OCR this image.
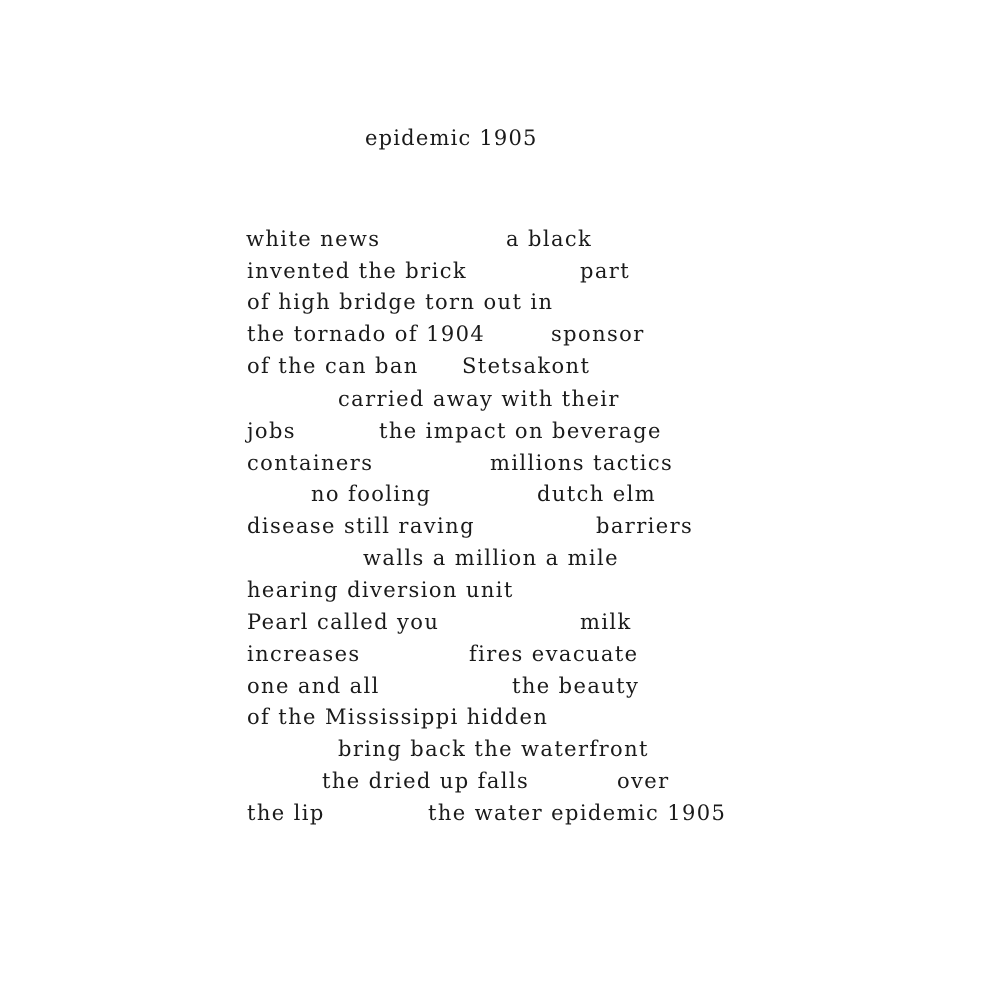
epidemic 1905
white news	a black
invented the brick	part
of high bridge torn out in
the tornado of 1904	sponsor
of the can ban Stetsakont
carried away with their
jobs	the impact on beverage
containers	millions tactics
no fooling	dutch elm
disease still raving	barriers
walls a million a mile
hearing diversion unit
Pearl called you	milk
increases	fires evacuate
one and all	the beauty
of the Mississippi hidden
bring back the waterfront
the dried up falls	over
the lip	the water epidemic 1905
